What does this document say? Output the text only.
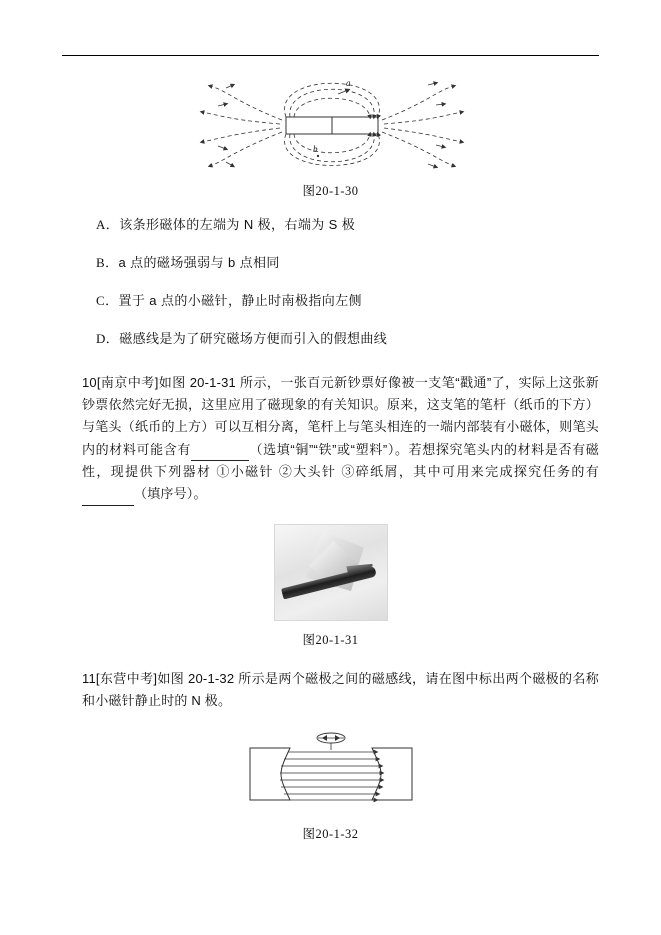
a
b
图20-1-30

A．该条形磁体的左端为 N 极，右端为 S 极

B．a 点的磁场强弱与 b 点相同

C．置于 a 点的小磁针，静止时南极指向左侧

D．磁感线是为了研究磁场方便而引入的假想曲线

10[南京中考]如图 20-1-31 所示，一张百元新钞票好像被一支笔“戳通”了，实际上这张新钞票依然完好无损，这里应用了磁现象的有关知识。原来，这支笔的笔杆（纸币的下方）与笔头（纸币的上方）可以互相分离，笔杆上与笔头相连的一端内部装有小磁体，则笔头内的材料可能含有	（选填“铜”“铁”或“塑料”）。若想探究笔头内的材料是否有磁性，现提供下列器材 ①小磁针 ②大头针 ③碎纸屑，其中可用来完成探究任务的有（填序号）。

图20-1-31

11[东营中考]如图 20-1-32 所示是两个磁极之间的磁感线，请在图中标出两个磁极的名称和小磁针静止时的 N 极。

图20-1-32
